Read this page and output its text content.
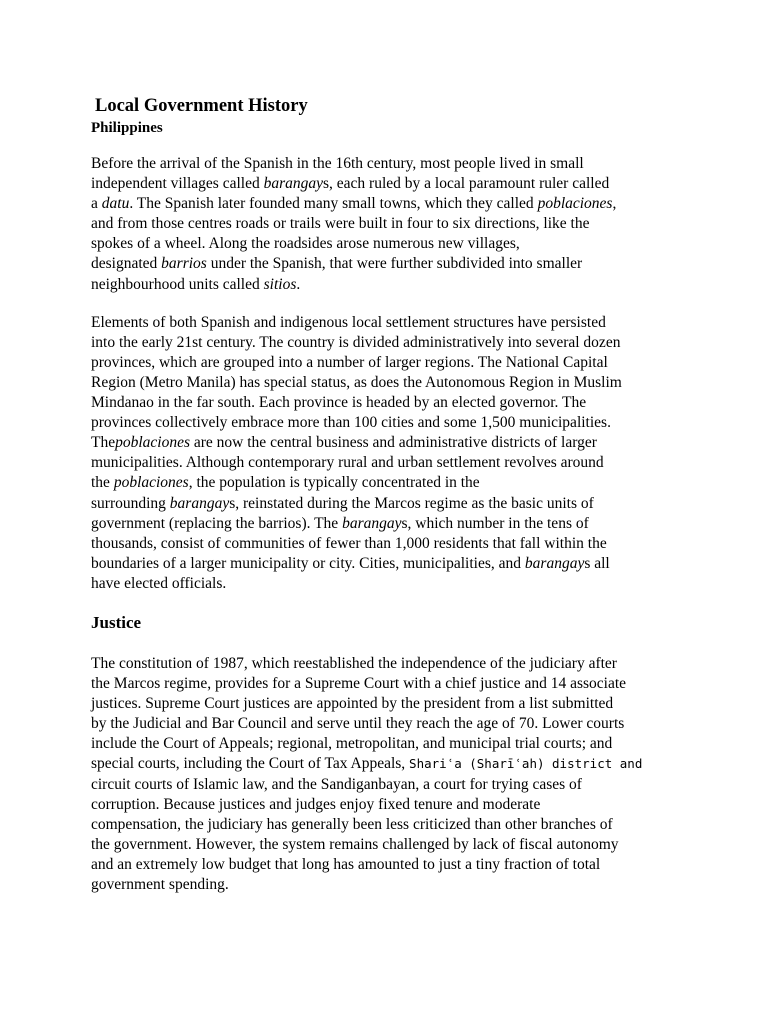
Local Government History
Philippines

Before the arrival of the Spanish in the 16th century, most people lived in small
independent villages called barangays, each ruled by a local paramount ruler called
a datu. The Spanish later founded many small towns, which they called poblaciones,
and from those centres roads or trails were built in four to six directions, like the
spokes of a wheel. Along the roadsides arose numerous new villages,
designated barrios under the Spanish, that were further subdivided into smaller
neighbourhood units called sitios.

Elements of both Spanish and indigenous local settlement structures have persisted
into the early 21st century. The country is divided administratively into several dozen
provinces, which are grouped into a number of larger regions. The National Capital
Region (Metro Manila) has special status, as does the Autonomous Region in Muslim
Mindanao in the far south. Each province is headed by an elected governor. The
provinces collectively embrace more than 100 cities and some 1,500 municipalities.
Thepoblaciones are now the central business and administrative districts of larger
municipalities. Although contemporary rural and urban settlement revolves around
the poblaciones, the population is typically concentrated in the
surrounding barangays, reinstated during the Marcos regime as the basic units of
government (replacing the barrios). The barangays, which number in the tens of
thousands, consist of communities of fewer than 1,000 residents that fall within the
boundaries of a larger municipality or city. Cities, municipalities, and barangays all
have elected officials.

Justice

The constitution of 1987, which reestablished the independence of the judiciary after
the Marcos regime, provides for a Supreme Court with a chief justice and 14 associate
justices. Supreme Court justices are appointed by the president from a list submitted
by the Judicial and Bar Council and serve until they reach the age of 70. Lower courts
include the Court of Appeals; regional, metropolitan, and municipal trial courts; and
special courts, including the Court of Tax Appeals, Shariʿa (Sharīʿah) district and
circuit courts of Islamic law, and the Sandiganbayan, a court for trying cases of
corruption. Because justices and judges enjoy fixed tenure and moderate
compensation, the judiciary has generally been less criticized than other branches of
the government. However, the system remains challenged by lack of fiscal autonomy
and an extremely low budget that long has amounted to just a tiny fraction of total
government spending.
